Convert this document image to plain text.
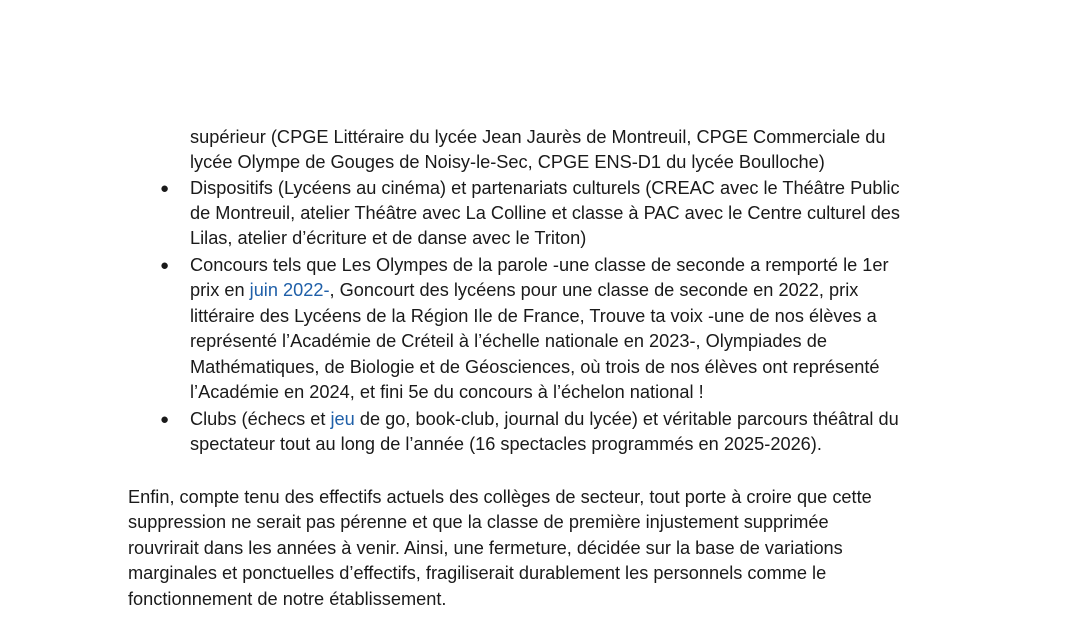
supérieur (CPGE Littéraire du lycée Jean Jaurès de Montreuil, CPGE Commerciale du
lycée Olympe de Gouges de Noisy-le-Sec, CPGE ENS-D1 du lycée Boulloche)
● Dispositifs (Lycéens au cinéma) et partenariats culturels (CREAC avec le Théâtre Public
de Montreuil, atelier Théâtre avec La Colline et classe à PAC avec le Centre culturel des
Lilas, atelier d’écriture et de danse avec le Triton)
● Concours tels que Les Olympes de la parole -une classe de seconde a remporté le 1er
prix en juin 2022-, Goncourt des lycéens pour une classe de seconde en 2022, prix
littéraire des Lycéens de la Région Ile de France, Trouve ta voix -une de nos élèves a
représenté l’Académie de Créteil à l’échelle nationale en 2023-, Olympiades de
Mathématiques, de Biologie et de Géosciences, où trois de nos élèves ont représenté
l’Académie en 2024, et fini 5e du concours à l’échelon national !
● Clubs (échecs et jeu de go, book-club, journal du lycée) et véritable parcours théâtral du
spectateur tout au long de l’année (16 spectacles programmés en 2025-2026).
Enfin, compte tenu des effectifs actuels des collèges de secteur, tout porte à croire que cette
suppression ne serait pas pérenne et que la classe de première injustement supprimée
rouvrirait dans les années à venir. Ainsi, une fermeture, décidée sur la base de variations
marginales et ponctuelles d’effectifs, fragiliserait durablement les personnels comme le
fonctionnement de notre établissement.
